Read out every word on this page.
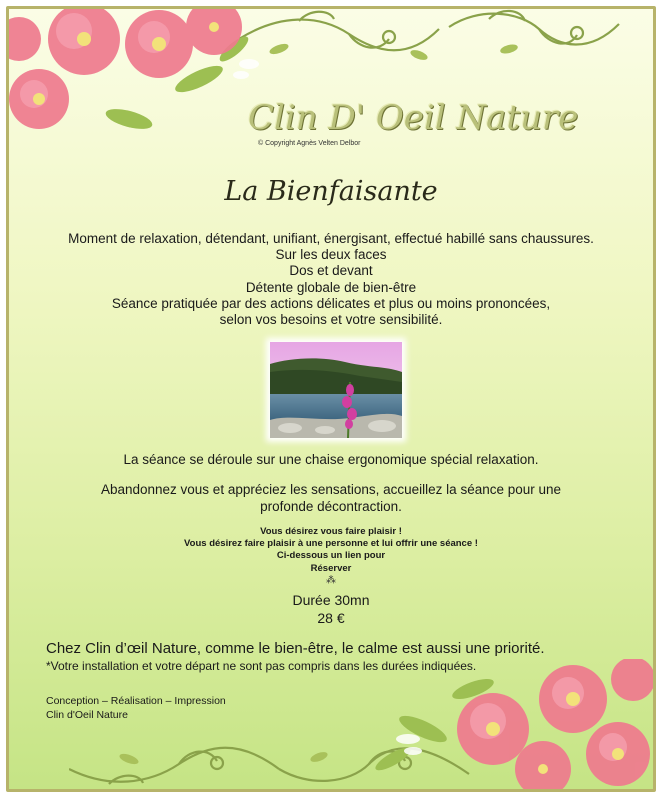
Clin D' Oeil Nature
© Copyright Agnès Velten Delbor
La Bienfaisante
Moment de relaxation, détendant, unifiant, énergisant, effectué habillé sans chaussures.
Sur les deux faces
Dos et devant
Détente globale de bien-être
Séance pratiquée par des actions délicates et plus ou moins prononcées,
selon vos besoins et votre sensibilité.
La séance se déroule sur une chaise ergonomique spécial relaxation.
Abandonnez vous et appréciez les sensations, accueillez la séance pour une
profonde décontraction.
Vous désirez vous faire plaisir !
Vous désirez faire plaisir à une personne et lui offrir une séance !
Ci-dessous un lien pour
Réserver
⁂
Durée 30mn
28 €
Chez Clin d’œil Nature, comme le bien-être, le calme est aussi une priorité.
*Votre installation et votre départ ne sont pas compris dans les durées indiquées.
Conception – Réalisation – Impression
Clin d'Oeil Nature
